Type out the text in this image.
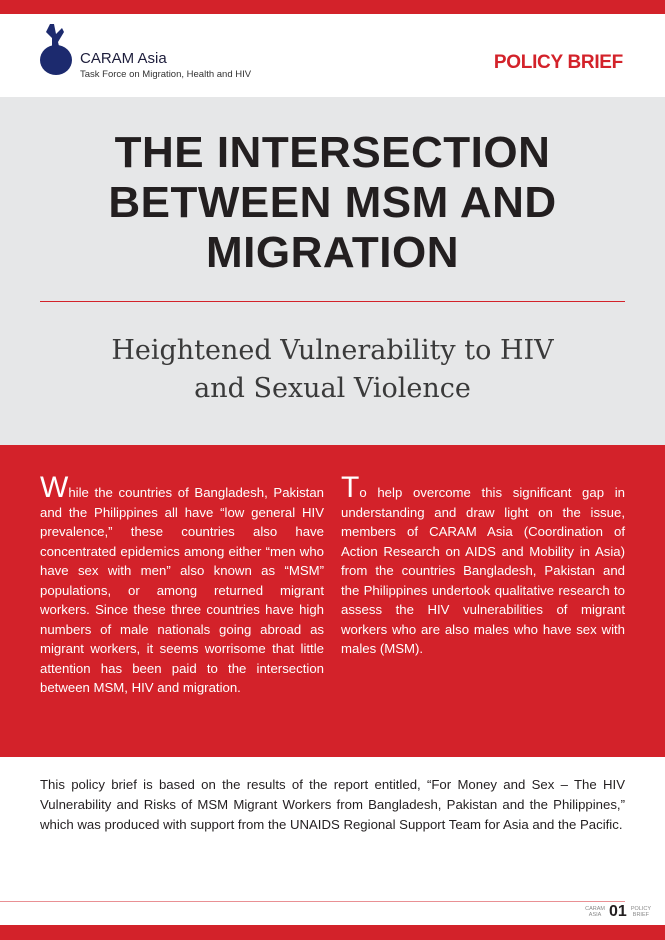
CARAM Asia
Task Force on Migration, Health and HIV
POLICY BRIEF
THE INTERSECTION
BETWEEN MSM AND
MIGRATION
Heightened Vulnerability to HIV
and Sexual Violence

While the countries of Bangladesh, Pakistan and the Philippines all have “low general HIV prevalence,” these countries also have concentrated epidemics among either “men who have sex with men” also known as “MSM” populations, or among returned migrant workers. Since these three countries have high numbers of male nationals going abroad as migrant workers, it seems worrisome that little attention has been paid to the intersection between MSM, HIV and migration.

To help overcome this significant gap in understanding and draw light on the issue, members of CARAM Asia (Coordination of Action Research on AIDS and Mobility in Asia) from the countries Bangladesh, Pakistan and the Philippines undertook qualitative research to assess the HIV vulnerabilities of migrant workers who are also males who have sex with males (MSM).

This policy brief is based on the results of the report entitled, “For Money and Sex – The HIV Vulnerability and Risks of MSM Migrant Workers from Bangladesh, Pakistan and the Philippines,” which was produced with support from the UNAIDS Regional Support Team for Asia and the Pacific.

CARAM
ASIA 01 POLICY
BRIEF
